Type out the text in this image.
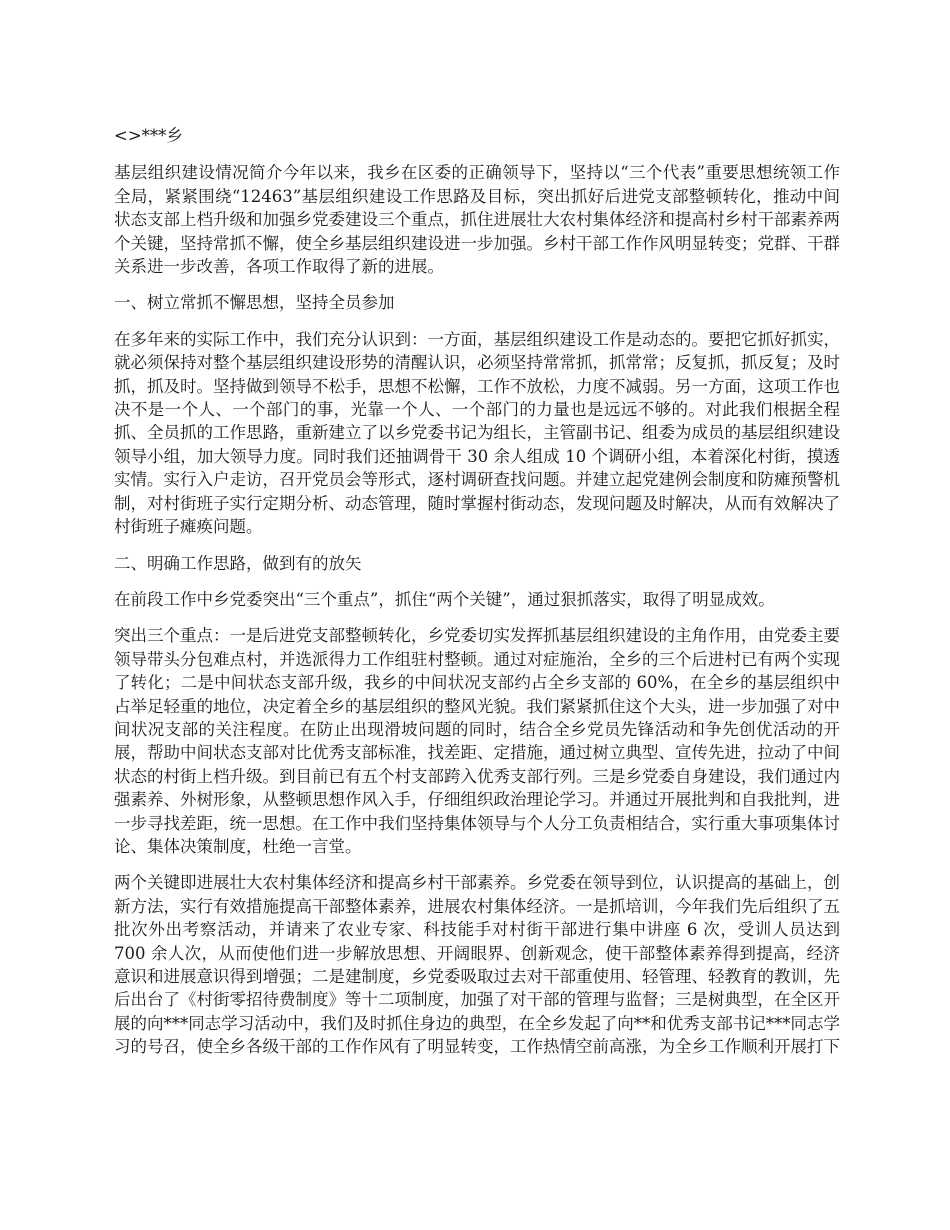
<>***乡

基层组织建设情况简介今年以来，我乡在区委的正确领导下，坚持以“三个代表”重要思想统领工作全局，紧紧围绕“12463”基层组织建设工作思路及目标，突出抓好后进党支部整顿转化，推动中间状态支部上档升级和加强乡党委建设三个重点，抓住进展壮大农村集体经济和提高村乡村干部素养两个关键，坚持常抓不懈，使全乡基层组织建设进一步加强。乡村干部工作作风明显转变；党群、干群关系进一步改善，各项工作取得了新的进展。

一、树立常抓不懈思想，坚持全员参加

在多年来的实际工作中，我们充分认识到：一方面，基层组织建设工作是动态的。要把它抓好抓实，就必须保持对整个基层组织建设形势的清醒认识，必须坚持常常抓，抓常常；反复抓，抓反复；及时抓，抓及时。坚持做到领导不松手，思想不松懈，工作不放松，力度不减弱。另一方面，这项工作也决不是一个人、一个部门的事，光靠一个人、一个部门的力量也是远远不够的。对此我们根据全程抓、全员抓的工作思路，重新建立了以乡党委书记为组长，主管副书记、组委为成员的基层组织建设领导小组，加大领导力度。同时我们还抽调骨干 30 余人组成 10 个调研小组，本着深化村街，摸透实情。实行入户走访，召开党员会等形式，逐村调研查找问题。并建立起党建例会制度和防瘫预警机制，对村街班子实行定期分析、动态管理，随时掌握村街动态，发现问题及时解决，从而有效解决了村街班子瘫痪问题。

二、明确工作思路，做到有的放矢

在前段工作中乡党委突出“三个重点”，抓住“两个关键”，通过狠抓落实，取得了明显成效。

突出三个重点：一是后进党支部整顿转化，乡党委切实发挥抓基层组织建设的主角作用，由党委主要领导带头分包难点村，并选派得力工作组驻村整顿。通过对症施治，全乡的三个后进村已有两个实现了转化；二是中间状态支部升级，我乡的中间状况支部约占全乡支部的 60%，在全乡的基层组织中占举足轻重的地位，决定着全乡的基层组织的整风光貌。我们紧紧抓住这个大头，进一步加强了对中间状况支部的关注程度。在防止出现滑坡问题的同时，结合全乡党员先锋活动和争先创优活动的开展，帮助中间状态支部对比优秀支部标准，找差距、定措施，通过树立典型、宣传先进，拉动了中间状态的村街上档升级。到目前已有五个村支部跨入优秀支部行列。三是乡党委自身建设，我们通过内强素养、外树形象，从整顿思想作风入手，仔细组织政治理论学习。并通过开展批判和自我批判，进一步寻找差距，统一思想。在工作中我们坚持集体领导与个人分工负责相结合，实行重大事项集体讨论、集体决策制度，杜绝一言堂。

两个关键即进展壮大农村集体经济和提高乡村干部素养。乡党委在领导到位，认识提高的基础上，创新方法，实行有效措施提高干部整体素养，进展农村集体经济。一是抓培训，今年我们先后组织了五批次外出考察活动，并请来了农业专家、科技能手对村街干部进行集中讲座 6 次，受训人员达到 700 余人次，从而使他们进一步解放思想、开阔眼界、创新观念，使干部整体素养得到提高，经济意识和进展意识得到增强；二是建制度，乡党委吸取过去对干部重使用、轻管理、轻教育的教训，先后出台了《村街零招待费制度》等十二项制度，加强了对干部的管理与监督；三是树典型，在全区开展的向***同志学习活动中，我们及时抓住身边的典型，在全乡发起了向**和优秀支部书记***同志学习的号召，使全乡各级干部的工作作风有了明显转变，工作热情空前高涨，为全乡工作顺利开展打下
